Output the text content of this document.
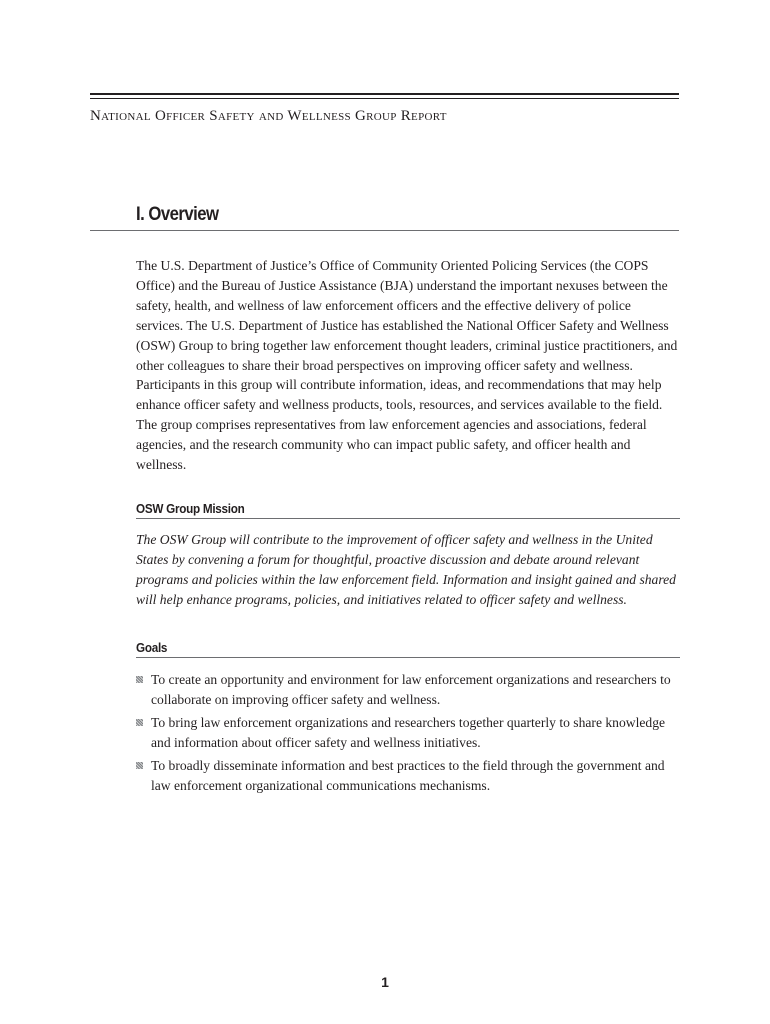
National Officer Safety and Wellness Group Report
I. Overview

The U.S. Department of Justice’s Office of Community Oriented Policing Services (the COPS Office) and the Bureau of Justice Assistance (BJA) understand the important nexuses between the safety, health, and wellness of law enforcement officers and the effective delivery of police services. The U.S. Department of Justice has established the National Officer Safety and Wellness (OSW) Group to bring together law enforcement thought leaders, criminal justice practitioners, and other colleagues to share their broad perspectives on improving officer safety and wellness. Participants in this group will contribute information, ideas, and recommendations that may help enhance officer safety and wellness products, tools, resources, and services available to the field. The group comprises representatives from law enforcement agencies and associations, federal agencies, and the research community who can impact public safety, and officer health and wellness.

OSW Group Mission

The OSW Group will contribute to the improvement of officer safety and wellness in the United States by convening a forum for thoughtful, proactive discussion and debate around relevant programs and policies within the law enforcement field. Information and insight gained and shared will help enhance programs, policies, and initiatives related to officer safety and wellness.

Goals
To create an opportunity and environment for law enforcement organizations and researchers to collaborate on improving officer safety and wellness.
To bring law enforcement organizations and researchers together quarterly to share knowledge and information about officer safety and wellness initiatives.
To broadly disseminate information and best practices to the field through the government and law enforcement organizational communications mechanisms.
1
